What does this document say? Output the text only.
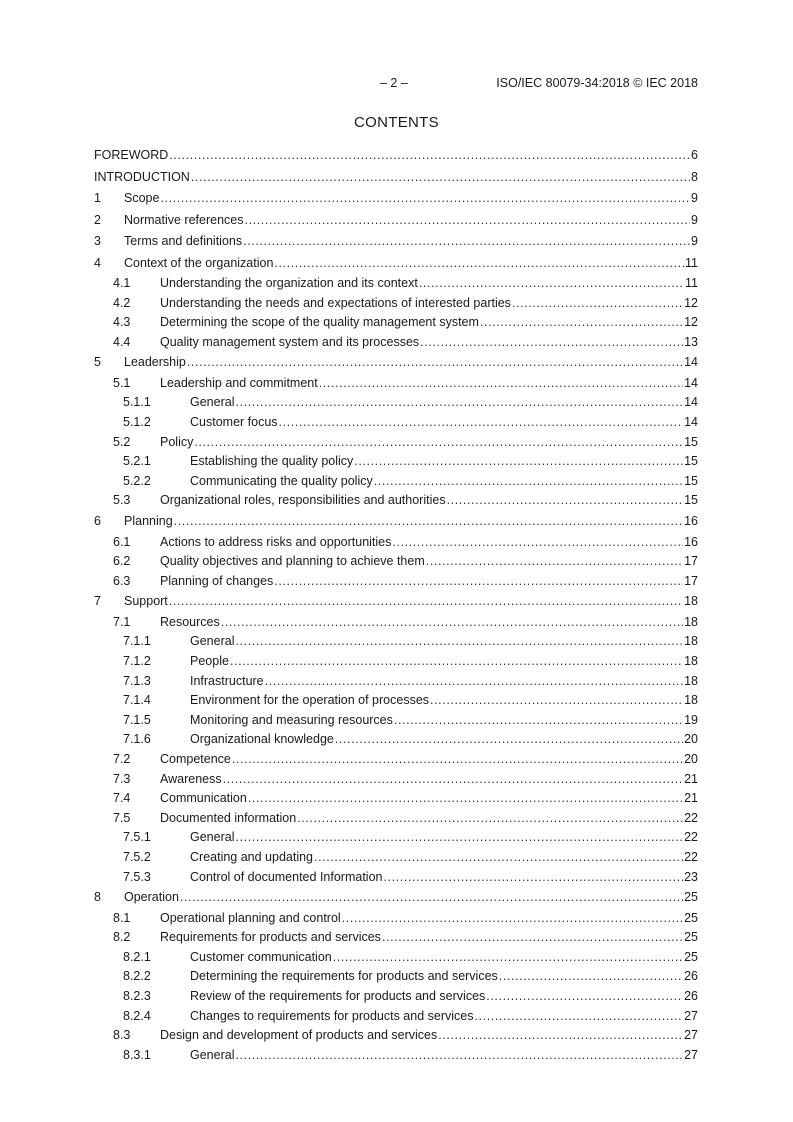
– 2 –	ISO/IEC 80079-34:2018 © IEC 2018
CONTENTS
FOREWORD .....	6
INTRODUCTION .....	8
1 Scope .....	9
2 Normative references .....	9
3 Terms and definitions .....	9
4 Context of the organization .....	11
4.1 Understanding the organization and its context .....	11
4.2 Understanding the needs and expectations of interested parties .....	12
4.3 Determining the scope of the quality management system .....	12
4.4 Quality management system and its processes .....	13
5 Leadership .....	14
5.1 Leadership and commitment .....	14
5.1.1	General .....	14
5.1.2	Customer focus .....	14
5.2 Policy .....	15
5.2.1	Establishing the quality policy .....	15
5.2.2	Communicating the quality policy .....	15
5.3 Organizational roles, responsibilities and authorities .....	15
6 Planning .....	16
6.1 Actions to address risks and opportunities .....	16
6.2 Quality objectives and planning to achieve them .....	17
6.3 Planning of changes .....	17
7 Support .....	18
7.1 Resources .....	18
7.1.1	General .....	18
7.1.2	People .....	18
7.1.3	Infrastructure .....	18
7.1.4	Environment for the operation of processes .....	18
7.1.5	Monitoring and measuring resources .....	19
7.1.6	Organizational knowledge .....	20
7.2 Competence .....	20
7.3 Awareness .....	21
7.4 Communication .....	21
7.5 Documented information .....	22
7.5.1	General .....	22
7.5.2	Creating and updating .....	22
7.5.3	Control of documented Information .....	23
8 Operation .....	25
8.1 Operational planning and control .....	25
8.2 Requirements for products and services .....	25
8.2.1	Customer communication .....	25
8.2.2	Determining the requirements for products and services .....	26
8.2.3	Review of the requirements for products and services .....	26
8.2.4	Changes to requirements for products and services .....	27
8.3 Design and development of products and services .....	27
8.3.1	General .....	27
